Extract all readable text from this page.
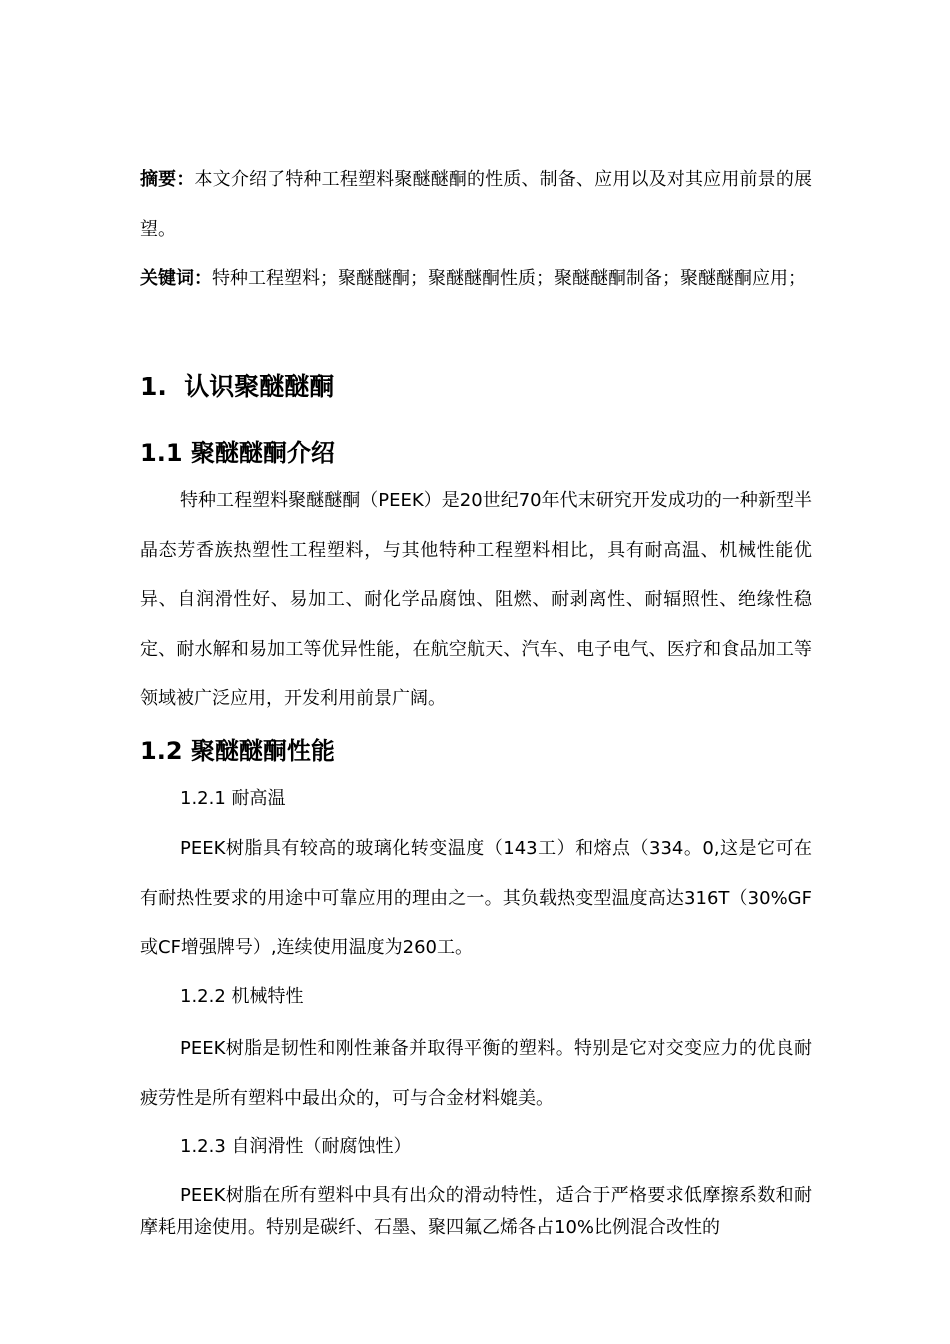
摘要：本文介绍了特种工程塑料聚醚醚酮的性质、制备、应用以及对其应用前景的展望。

关键词：特种工程塑料；聚醚醚酮；聚醚醚酮性质；聚醚醚酮制备；聚醚醚酮应用；

1.  认识聚醚醚酮
1.1 聚醚醚酮介绍

特种工程塑料聚醚醚酮（PEEK）是20世纪70年代末研究开发成功的一种新型半晶态芳香族热塑性工程塑料，与其他特种工程塑料相比，具有耐高温、机械性能优异、自润滑性好、易加工、耐化学品腐蚀、阻燃、耐剥离性、耐辐照性、绝缘性稳定、耐水解和易加工等优异性能，在航空航天、汽车、电子电气、医疗和食品加工等领域被广泛应用，开发利用前景广阔。

1.2 聚醚醚酮性能

1.2.1 耐高温

PEEK树脂具有较高的玻璃化转变温度（143工）和熔点（334。0,这是它可在有耐热性要求的用途中可靠应用的理由之一。其负载热变型温度高达316T（30%GF或CF增强牌号）,连续使用温度为260工。

1.2.2 机械特性

PEEK树脂是韧性和刚性兼备并取得平衡的塑料。特别是它对交变应力的优良耐疲劳性是所有塑料中最出众的，可与合金材料媲美。

1.2.3 自润滑性（耐腐蚀性）

PEEK树脂在所有塑料中具有出众的滑动特性，适合于严格要求低摩擦系数和耐摩耗用途使用。特别是碳纤、石墨、聚四氟乙烯各占10%比例混合改性的
